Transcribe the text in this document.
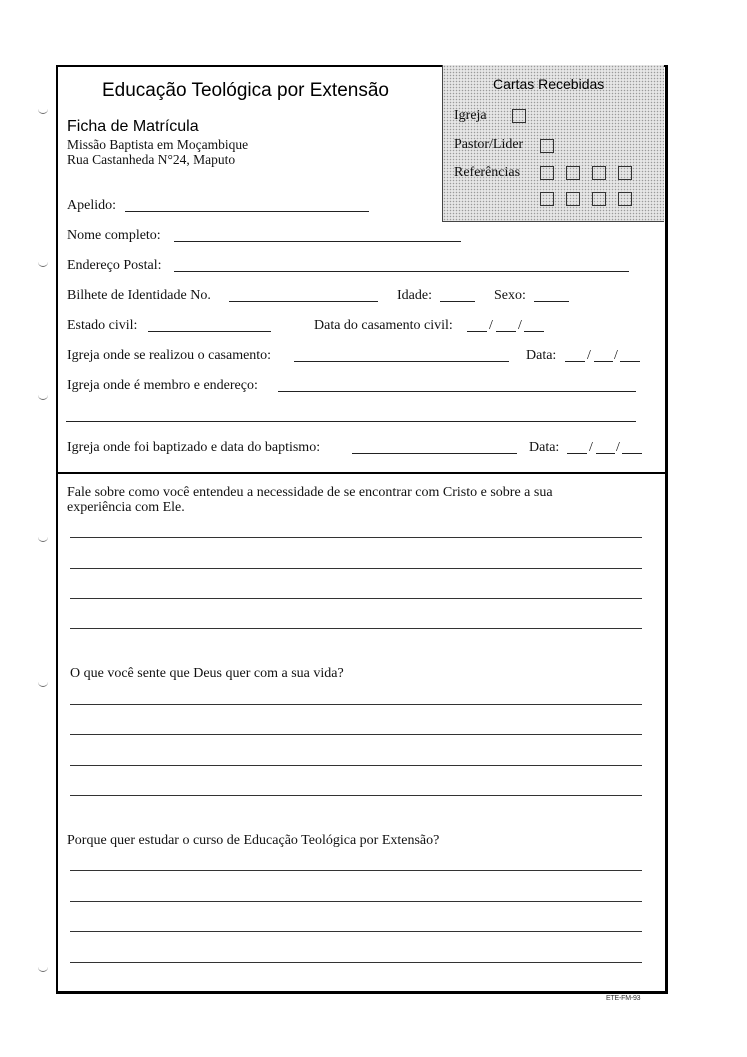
Cartas Recebidas
Igreja
Pastor/Lider
Referências
Educação Teológica por Extensão
Ficha de Matrícula
Missão Baptista em Moçambique
Rua Castanheda N°24, Maputo
Apelido:
Nome completo:
Endereço Postal:
Bilhete de Identidade No.	Idade:	Sexo:
Estado civil:	Data do casamento civil:	/ /
Igreja onde se realizou o casamento:	Data: / /
Igreja onde é membro e endereço:
Igreja onde foi baptizado e data do baptismo:	Data: / /
Fale sobre como você entendeu a necessidade de se encontrar com Cristo e sobre a sua
experiência com Ele.
O que você sente que Deus quer com a sua vida?
Porque quer estudar o curso de Educação Teológica por Extensão?
ETE-FM-93
